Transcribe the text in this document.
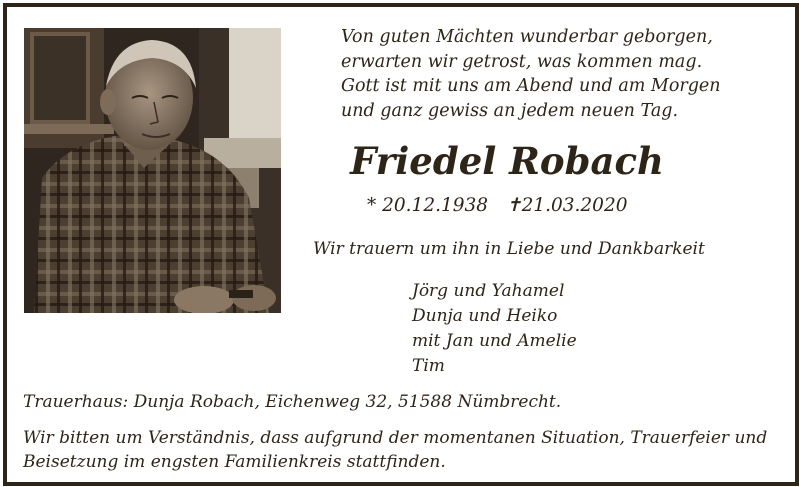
Von guten Mächten wunderbar geborgen,
erwarten wir getrost, was kommen mag.
Gott ist mit uns am Abend und am Morgen
und ganz gewiss an jedem neuen Tag.
Friedel Robach
* 20.12.1938 ✝21.03.2020
Wir trauern um ihn in Liebe und Dankbarkeit
Jörg und Yahamel
Dunja und Heiko
mit Jan und Amelie
Tim
Trauerhaus: Dunja Robach, Eichenweg 32, 51588 Nümbrecht.
Wir bitten um Verständnis, dass aufgrund der momentanen Situation, Trauerfeier und Beisetzung im engsten Familienkreis stattfinden.
